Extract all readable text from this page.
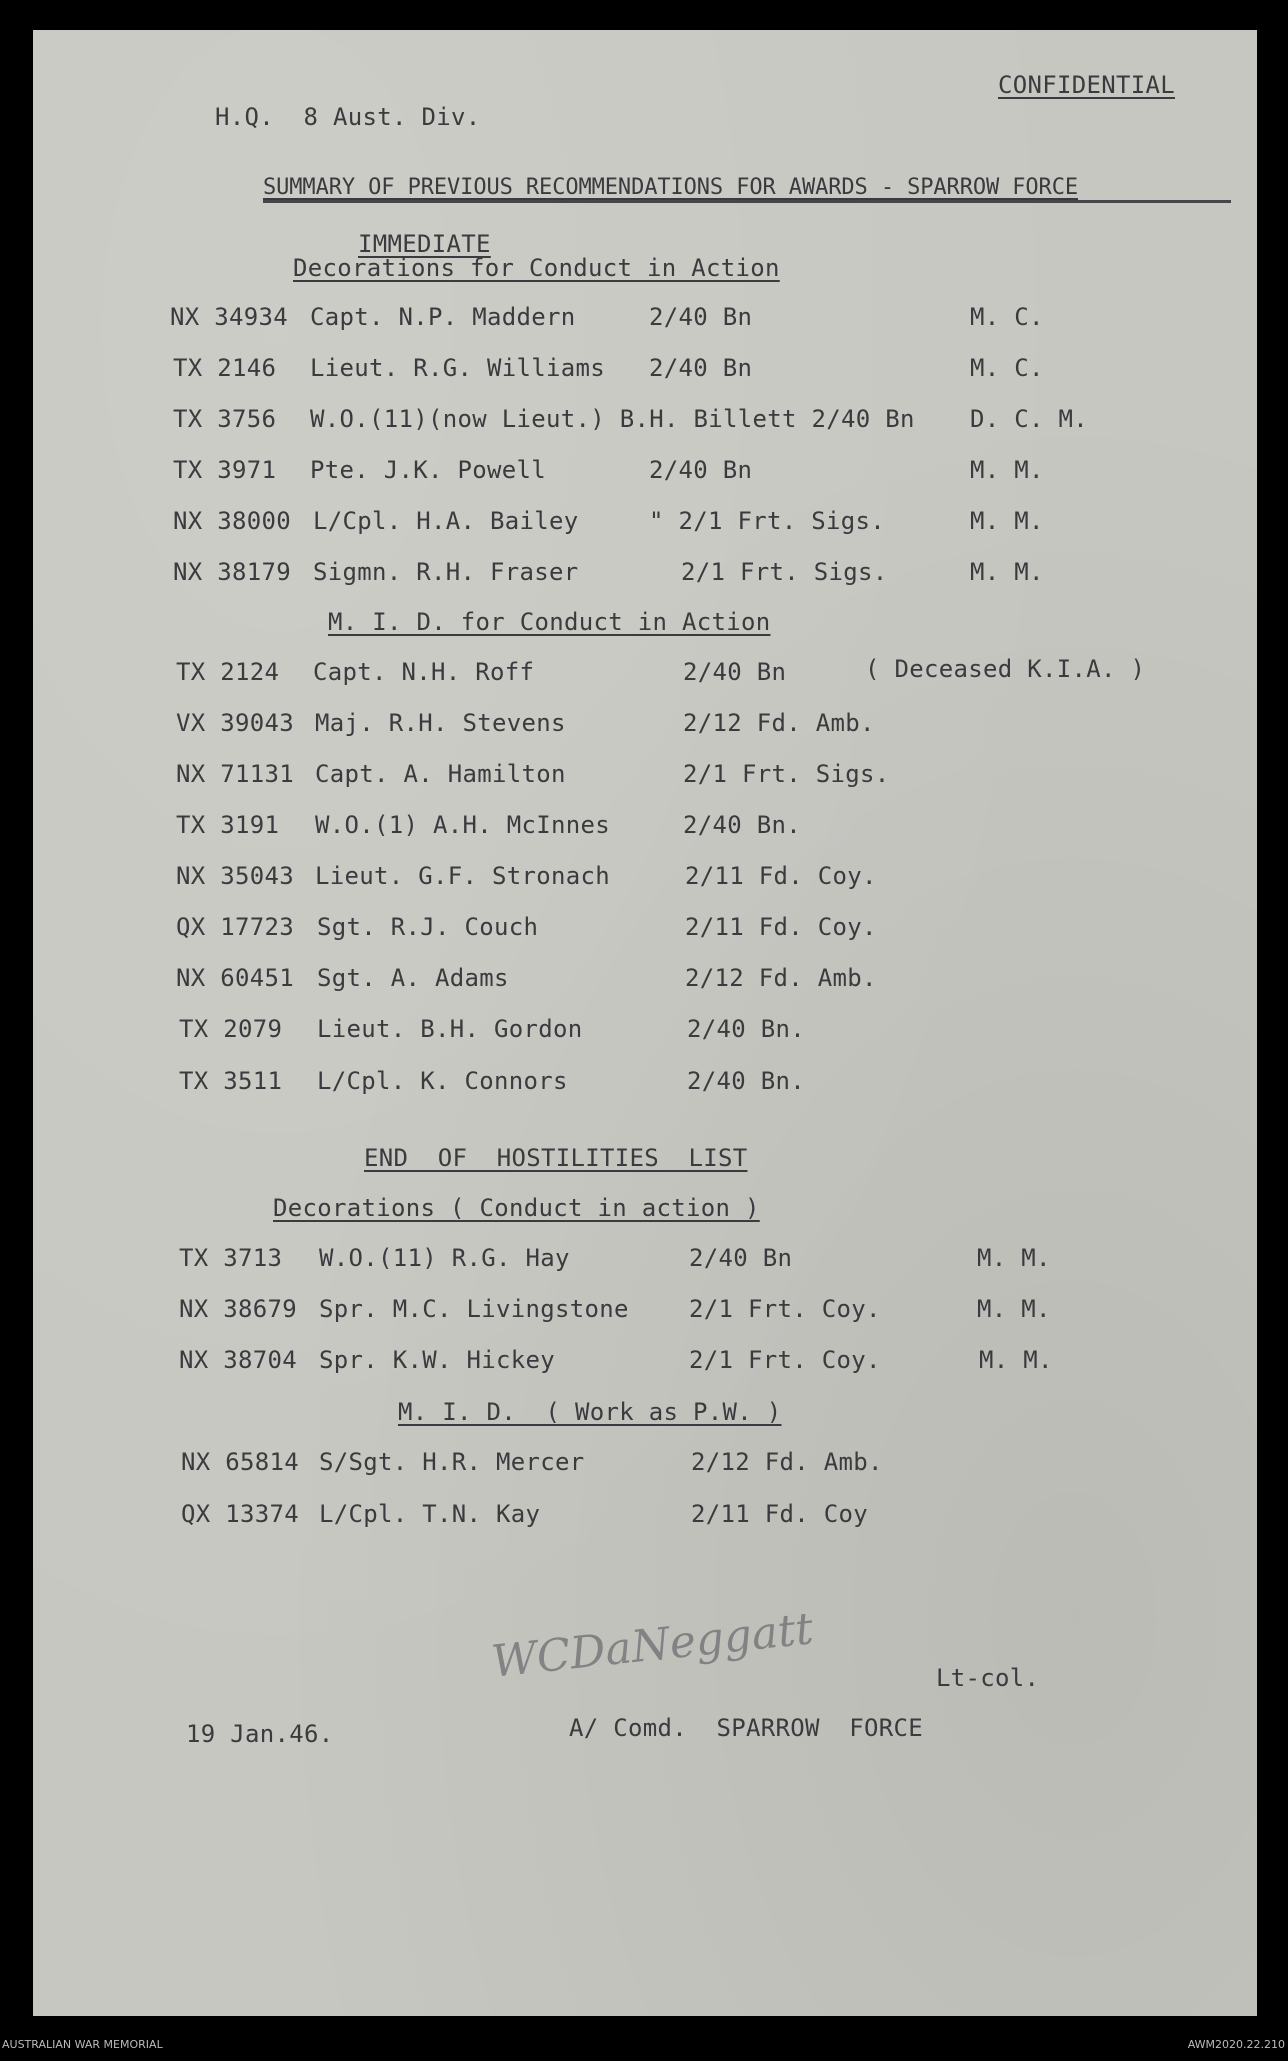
CONFIDENTIAL
H.Q.  8 Aust. Div.
SUMMARY OF PREVIOUS RECOMMENDATIONS FOR AWARDS - SPARROW FORCE
IMMEDIATE
Decorations for Conduct in Action
NX 34934 Capt. N.P. Maddern	2/40 Bn	M. C.
TX 2146 Lieut. R.G. Williams 2/40 Bn	M. C.
TX 3756 W.O.(11)(now Lieut.) B.H. Billett 2/40 Bn D. C. M.
TX 3971 Pte. J.K. Powell	2/40 Bn	M. M.
NX 38000 L/Cpl. H.A. Bailey	" 2/1 Frt. Sigs.	M. M.
NX 38179 Sigmn. R.H. Fraser	2/1 Frt. Sigs.	M. M.
M. I. D. for Conduct in Action
TX 2124 Capt. N.H. Roff	2/40 Bn	( Deceased K.I.A. )
VX 39043 Maj. R.H. Stevens	2/12 Fd. Amb.
NX 71131 Capt. A. Hamilton	2/1 Frt. Sigs.
TX 3191 W.O.(1) A.H. McInnes	2/40 Bn.
NX 35043 Lieut. G.F. Stronach	2/11 Fd. Coy.
QX 17723 Sgt. R.J. Couch	2/11 Fd. Coy.
NX 60451 Sgt. A. Adams	2/12 Fd. Amb.
TX 2079 Lieut. B.H. Gordon	2/40 Bn.
TX 3511 L/Cpl. K. Connors	2/40 Bn.
END  OF  HOSTILITIES  LIST
Decorations ( Conduct in action )
TX 3713 W.O.(11) R.G. Hay	2/40 Bn	M. M.
NX 38679 Spr. M.C. Livingstone	2/1 Frt. Coy.	M. M.
NX 38704 Spr. K.W. Hickey	2/1 Frt. Coy.	M. M.
M. I. D.  ( Work as P.W. )
NX 65814 S/Sgt. H.R. Mercer	2/12 Fd. Amb.
QX 13374 L/Cpl. T.N. Kay	2/11 Fd. Coy
WCDaNeggatt	Lt-col.
19 Jan.46.	A/ Comd.  SPARROW  FORCE
AUSTRALIAN WAR MEMORIAL	AWM2020.22.210
